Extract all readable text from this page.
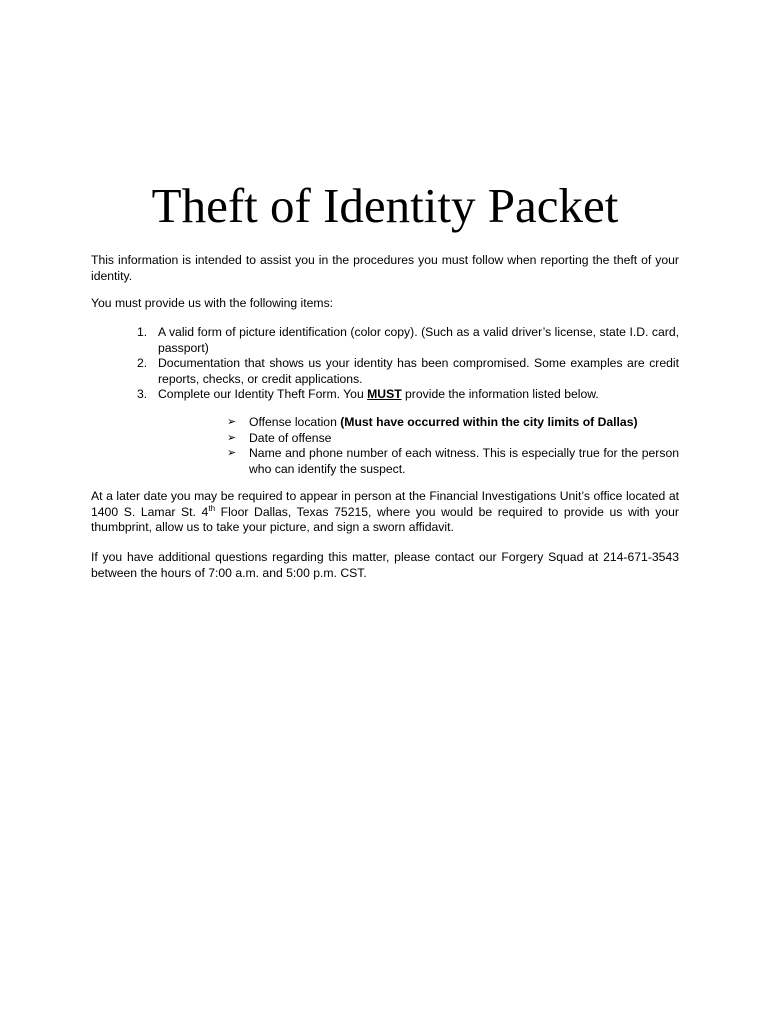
Theft of Identity Packet

This information is intended to assist you in the procedures you must follow when reporting the theft of your identity.

You must provide us with the following items:

1. A valid form of picture identification (color copy). (Such as a valid driver’s license, state I.D. card, passport)
2. Documentation that shows us your identity has been compromised. Some examples are credit reports, checks, or credit applications.
3. Complete our Identity Theft Form. You MUST provide the information listed below.
➢ Offense location (Must have occurred within the city limits of Dallas)
➢ Date of offense
➢ Name and phone number of each witness. This is especially true for the person who can identify the suspect.

At a later date you may be required to appear in person at the Financial Investigations Unit’s office located at 1400 S. Lamar St. 4th Floor Dallas, Texas 75215, where you would be required to provide us with your thumbprint, allow us to take your picture, and sign a sworn affidavit.

If you have additional questions regarding this matter, please contact our Forgery Squad at 214-671-3543 between the hours of 7:00 a.m. and 5:00 p.m. CST.
